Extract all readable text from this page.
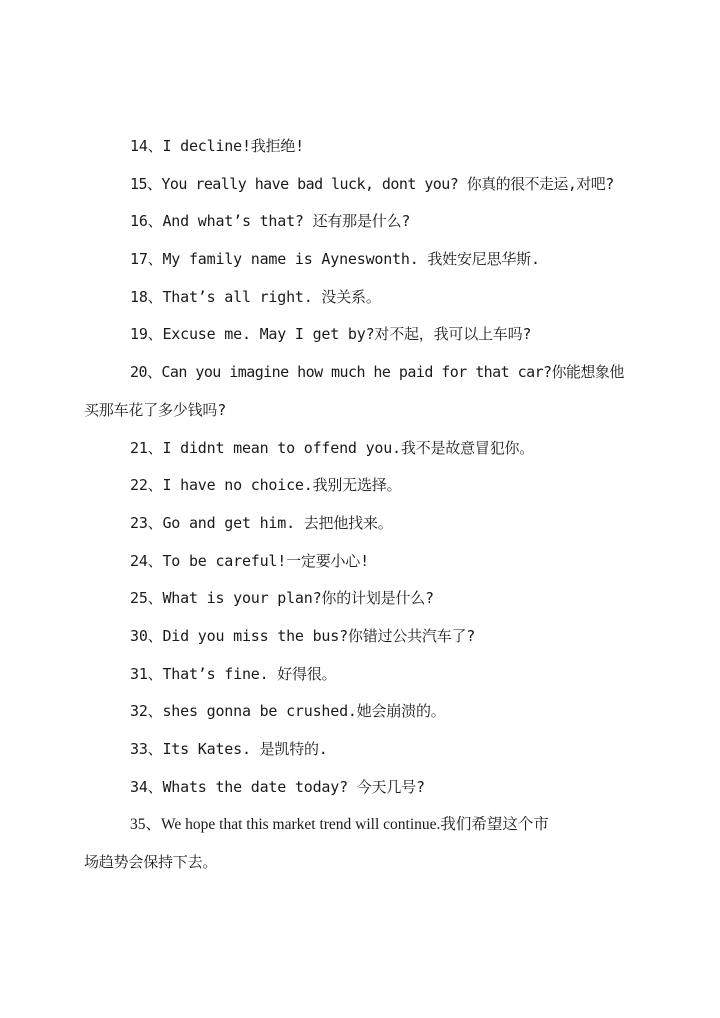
14、I decline!我拒绝!
15、You really have bad luck, dont you? 你真的很不走运,对吧?
16、And what’s that? 还有那是什么?
17、My family name is Ayneswonth. 我姓安尼思华斯.
18、That’s all right. 没关系。
19、Excuse me. May I get by?对不起，我可以上车吗?
20、Can you imagine how much he paid for that car?你能想象他
买那车花了多少钱吗?
21、I didnt mean to offend you.我不是故意冒犯你。
22、I have no choice.我别无选择。
23、Go and get him. 去把他找来。
24、To be careful!一定要小心!
25、What is your plan?你的计划是什么?
30、Did you miss the bus?你错过公共汽车了?
31、That’s fine. 好得很。
32、shes gonna be crushed.她会崩溃的。
33、Its Kates. 是凯特的.
34、Whats the date today? 今天几号?
35、We hope that this market trend will continue.我们希望这个市
场趋势会保持下去。
